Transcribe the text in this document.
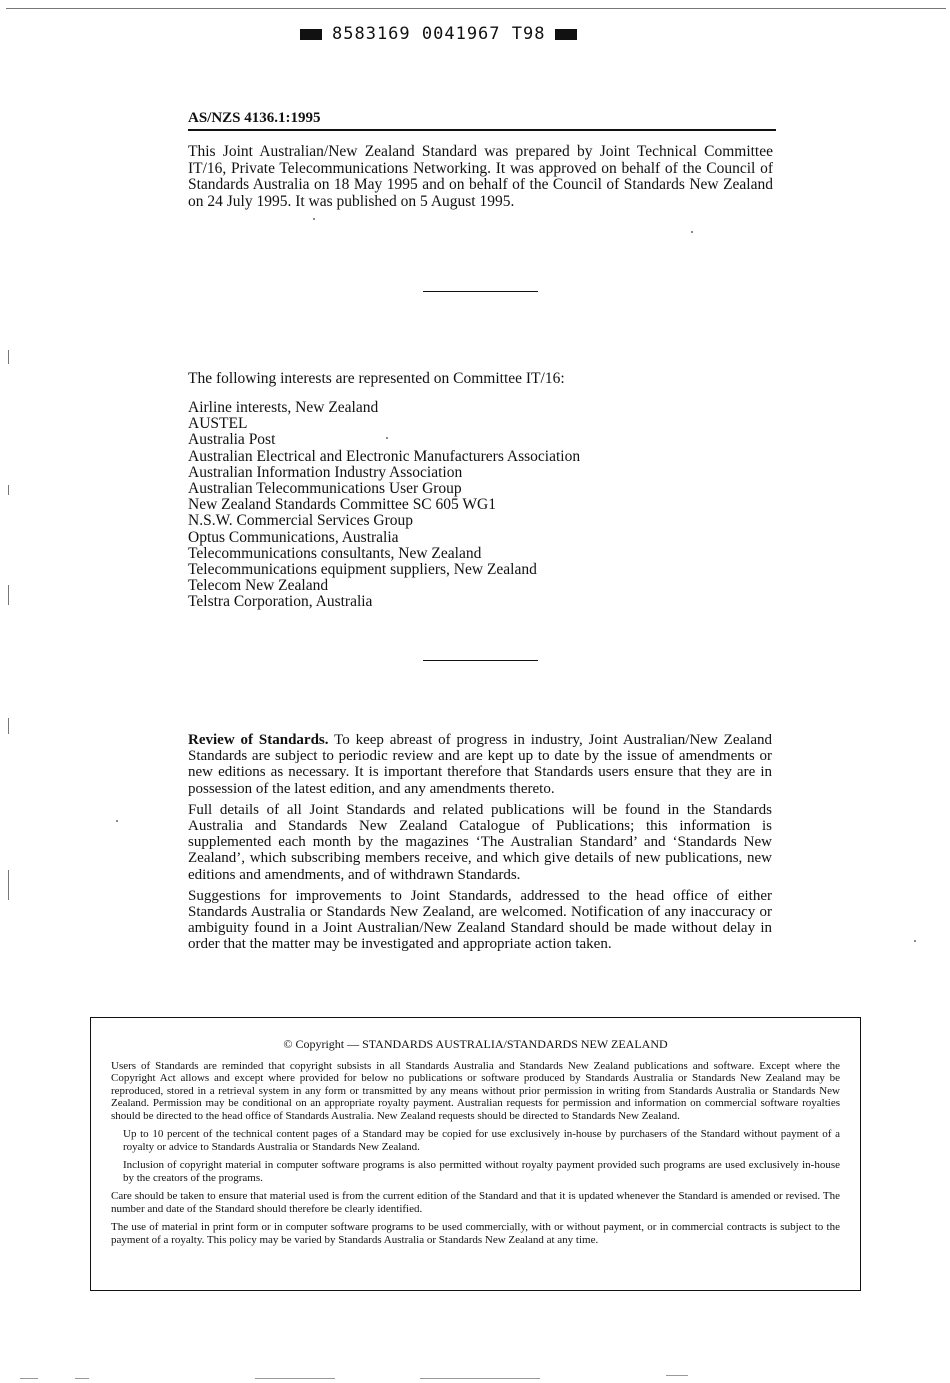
8583169 0041967 T98
AS/NZS 4136.1:1995
This Joint Australian/New Zealand Standard was prepared by Joint Technical Committee IT/16, Private Telecommunications Networking. It was approved on behalf of the Council of Standards Australia on 18 May 1995 and on behalf of the Council of Standards New Zealand on 24 July 1995. It was published on 5 August 1995.
The following interests are represented on Committee IT/16:
Airline interests, New Zealand
AUSTEL
Australia Post
Australian Electrical and Electronic Manufacturers Association
Australian Information Industry Association
Australian Telecommunications User Group
New Zealand Standards Committee SC 605 WG1
N.S.W. Commercial Services Group
Optus Communications, Australia
Telecommunications consultants, New Zealand
Telecommunications equipment suppliers, New Zealand
Telecom New Zealand
Telstra Corporation, Australia

Review of Standards. To keep abreast of progress in industry, Joint Australian/New Zealand Standards are subject to periodic review and are kept up to date by the issue of amendments or new editions as necessary. It is important therefore that Standards users ensure that they are in possession of the latest edition, and any amendments thereto.

Full details of all Joint Standards and related publications will be found in the Standards Australia and Standards New Zealand Catalogue of Publications; this information is supplemented each month by the magazines ‘The Australian Standard’ and ‘Standards New Zealand’, which subscribing members receive, and which give details of new publications, new editions and amendments, and of withdrawn Standards.

Suggestions for improvements to Joint Standards, addressed to the head office of either Standards Australia or Standards New Zealand, are welcomed. Notification of any inaccuracy or ambiguity found in a Joint Australian/New Zealand Standard should be made without delay in order that the matter may be investigated and appropriate action taken.

© Copyright — STANDARDS AUSTRALIA/STANDARDS NEW ZEALAND

Users of Standards are reminded that copyright subsists in all Standards Australia and Standards New Zealand publications and software. Except where the Copyright Act allows and except where provided for below no publications or software produced by Standards Australia or Standards New Zealand may be reproduced, stored in a retrieval system in any form or transmitted by any means without prior permission in writing from Standards Australia or Standards New Zealand. Permission may be conditional on an appropriate royalty payment. Australian requests for permission and information on commercial software royalties should be directed to the head office of Standards Australia. New Zealand requests should be directed to Standards New Zealand.

Up to 10 percent of the technical content pages of a Standard may be copied for use exclusively in-house by purchasers of the Standard without payment of a royalty or advice to Standards Australia or Standards New Zealand.

Inclusion of copyright material in computer software programs is also permitted without royalty payment provided such programs are used exclusively in-house by the creators of the programs.

Care should be taken to ensure that material used is from the current edition of the Standard and that it is updated whenever the Standard is amended or revised. The number and date of the Standard should therefore be clearly identified.

The use of material in print form or in computer software programs to be used commercially, with or without payment, or in commercial contracts is subject to the payment of a royalty. This policy may be varied by Standards Australia or Standards New Zealand at any time.
